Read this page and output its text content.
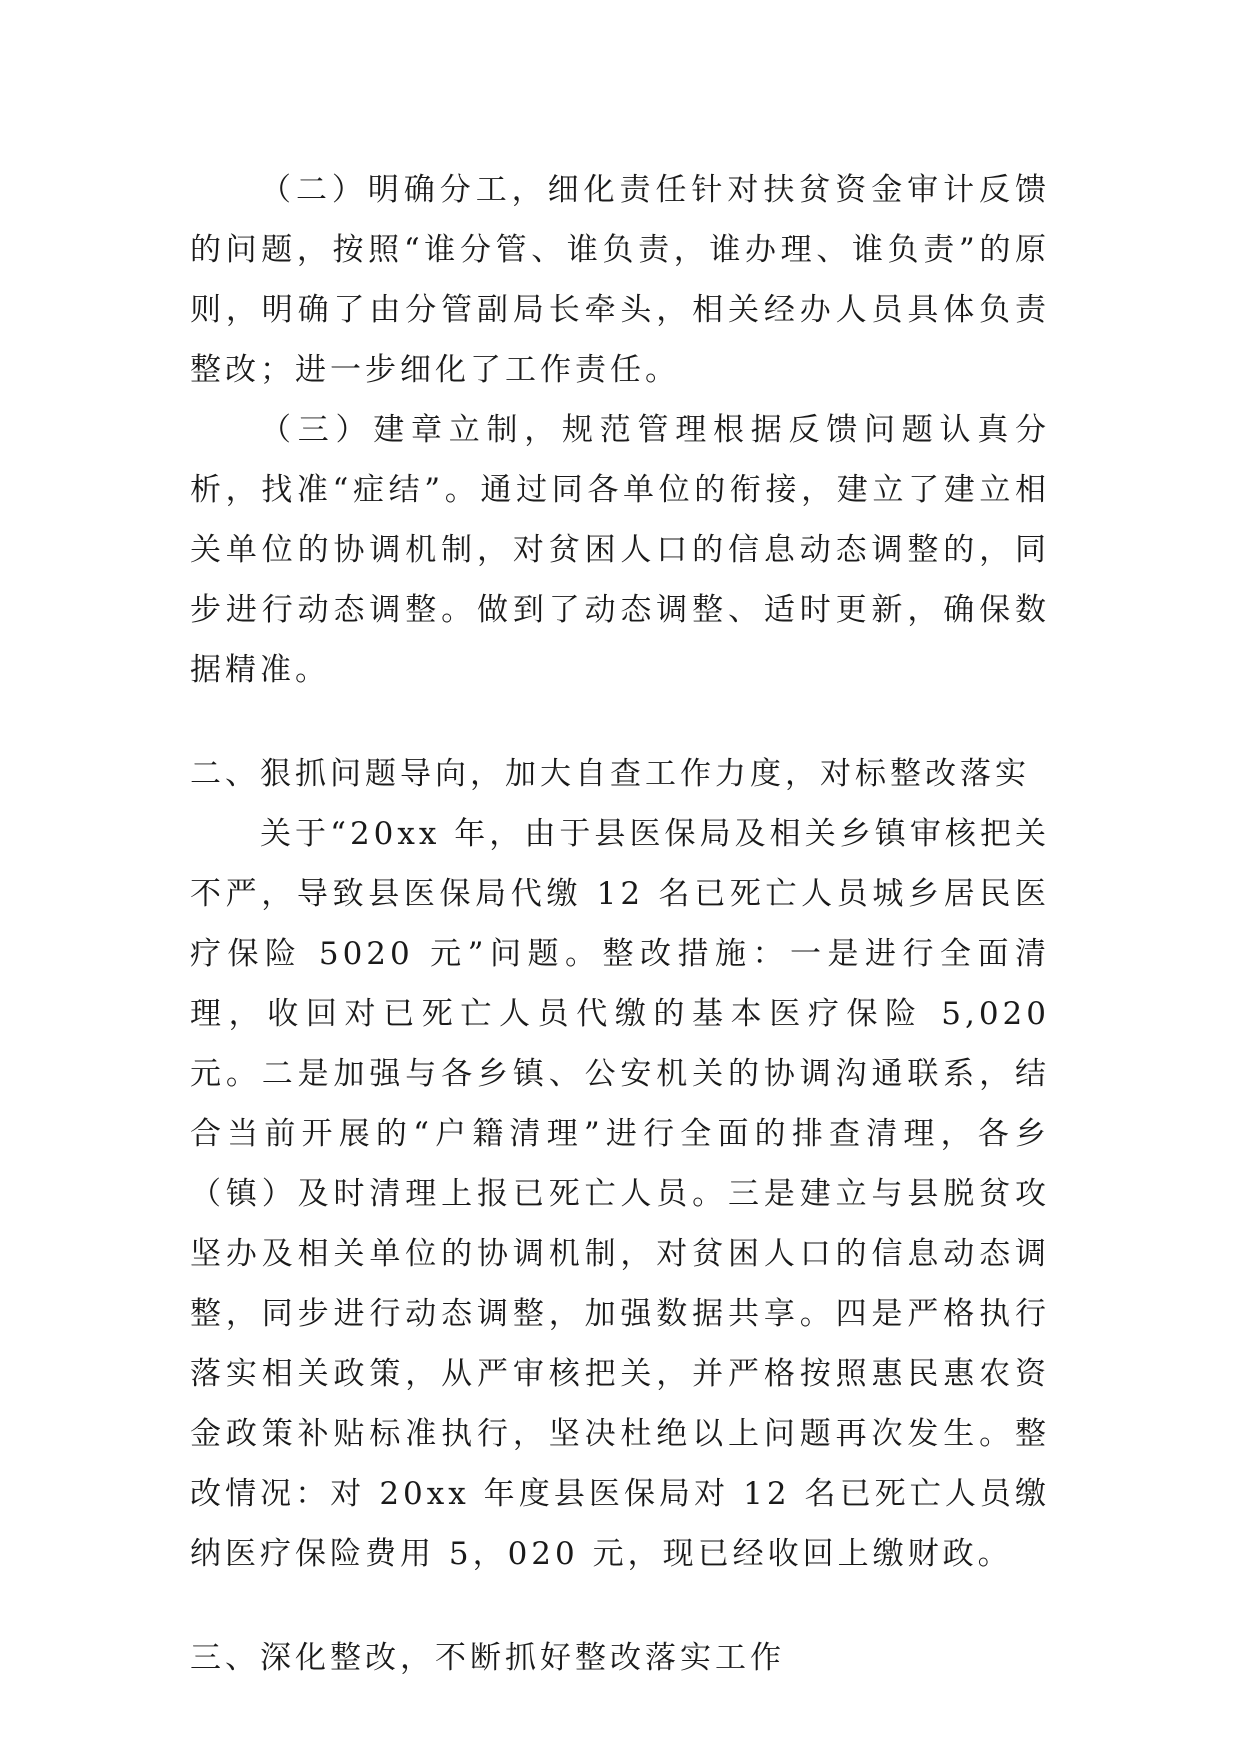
（二）明确分工，细化责任针对扶贫资金审计反馈的问题，按照“谁分管、谁负责，谁办理、谁负责”的原则，明确了由分管副局长牵头，相关经办人员具体负责整改；进一步细化了工作责任。

（三）建章立制，规范管理根据反馈问题认真分析，找准“症结”。通过同各单位的衔接，建立了建立相关单位的协调机制，对贫困人口的信息动态调整的，同步进行动态调整。做到了动态调整、适时更新，确保数据精准。

二、狠抓问题导向，加大自查工作力度，对标整改落实

关于“20xx 年，由于县医保局及相关乡镇审核把关不严，导致县医保局代缴 12 名已死亡人员城乡居民医疗保险 5020 元”问题。整改措施：一是进行全面清理，收回对已死亡人员代缴的基本医疗保险 5,020 元。二是加强与各乡镇、公安机关的协调沟通联系，结合当前开展的“户籍清理”进行全面的排查清理，各乡（镇）及时清理上报已死亡人员。三是建立与县脱贫攻坚办及相关单位的协调机制，对贫困人口的信息动态调整，同步进行动态调整，加强数据共享。四是严格执行落实相关政策，从严审核把关，并严格按照惠民惠农资金政策补贴标准执行，坚决杜绝以上问题再次发生。整改情况：对 20xx 年度县医保局对 12 名已死亡人员缴纳医疗保险费用 5，020 元，现已经收回上缴财政。

三、深化整改，不断抓好整改落实工作
